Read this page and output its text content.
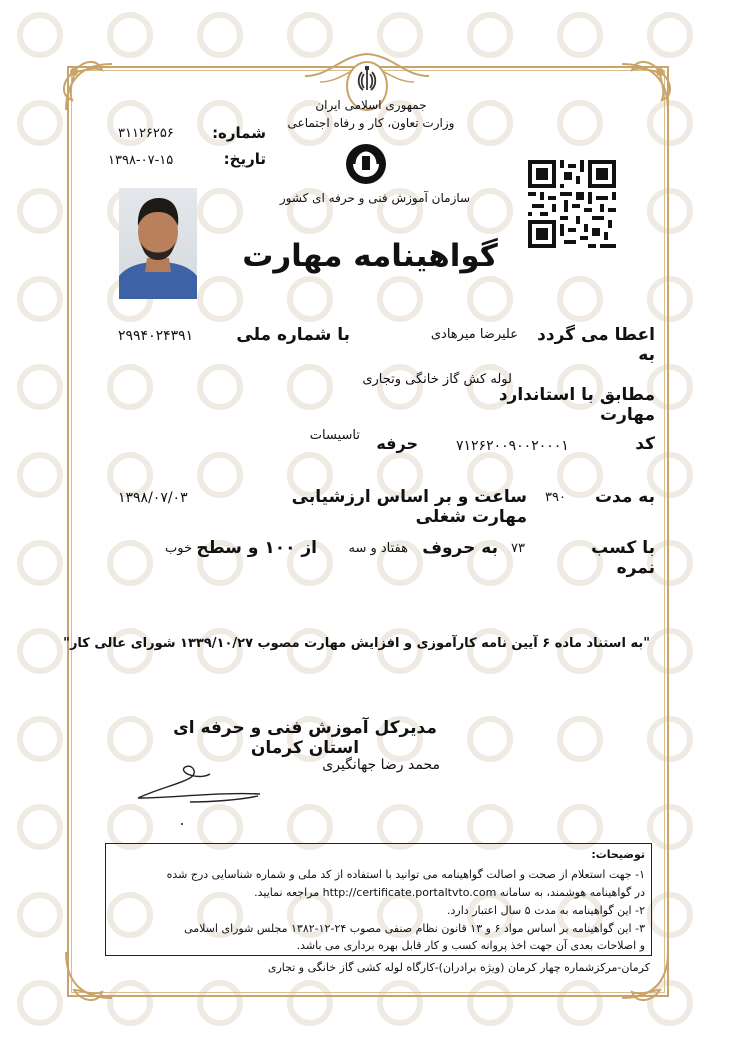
جمهوری اسلامی ایران
وزارت تعاون، کار و رفاه اجتماعی
سازمان آموزش فنی و حرفه ای کشور
شماره:
۳۱۱۲۶۲۵۶
تاریخ:
۱۳۹۸-۰۷-۱۵
گواهینامه مهارت
اعطا می گردد به
علیرضا میرهادی
با شماره ملی
۲۹۹۴۰۲۴۳۹۱
لوله کش گاز خانگی وتجاری
مطابق با استاندارد مهارت
کد
۷۱۲۶۲۰۰۹۰۰۲۰۰۰۱
تاسیسات	حرفه
به مدت
۳۹۰
ساعت و بر اساس ارزشیابی مهارت شغلی
۱۳۹۸/۰۷/۰۳
با کسب نمره
۷۳
به حروف
هفتاد و سه
از ۱۰۰ و سطح
خوب
"به استناد ماده ۶ آیین نامه کارآموزی و افزایش مهارت مصوب ۱۳۳۹/۱۰/۲۷ شورای عالی کار"
مدیرکل آموزش فنی و حرفه ای استان کرمان
محمد رضا جهانگیری
توضیحات:
۱- جهت استعلام از صحت و اصالت گواهینامه می توانید با استفاده از کد ملی و شماره شناسایی درج شده
در گواهینامه هوشمند، به سامانه http://certificate.portaltvto.com مراجعه نمایید.
۲- این گواهینامه به مدت ۵ سال اعتبار دارد.
۳- این گواهینامه بر اساس مواد ۶ و ۱۳ قانون نظام صنفی مصوب ۲۴-۱۲-۱۳۸۲ مجلس شورای اسلامی
و اصلاحات بعدی آن جهت اخذ پروانه کسب و کار قابل بهره برداری می باشد.
کرمان-مرکزشماره چهار کرمان (ویژه برادران)-کارگاه لوله کشی گاز خانگی و تجاری
